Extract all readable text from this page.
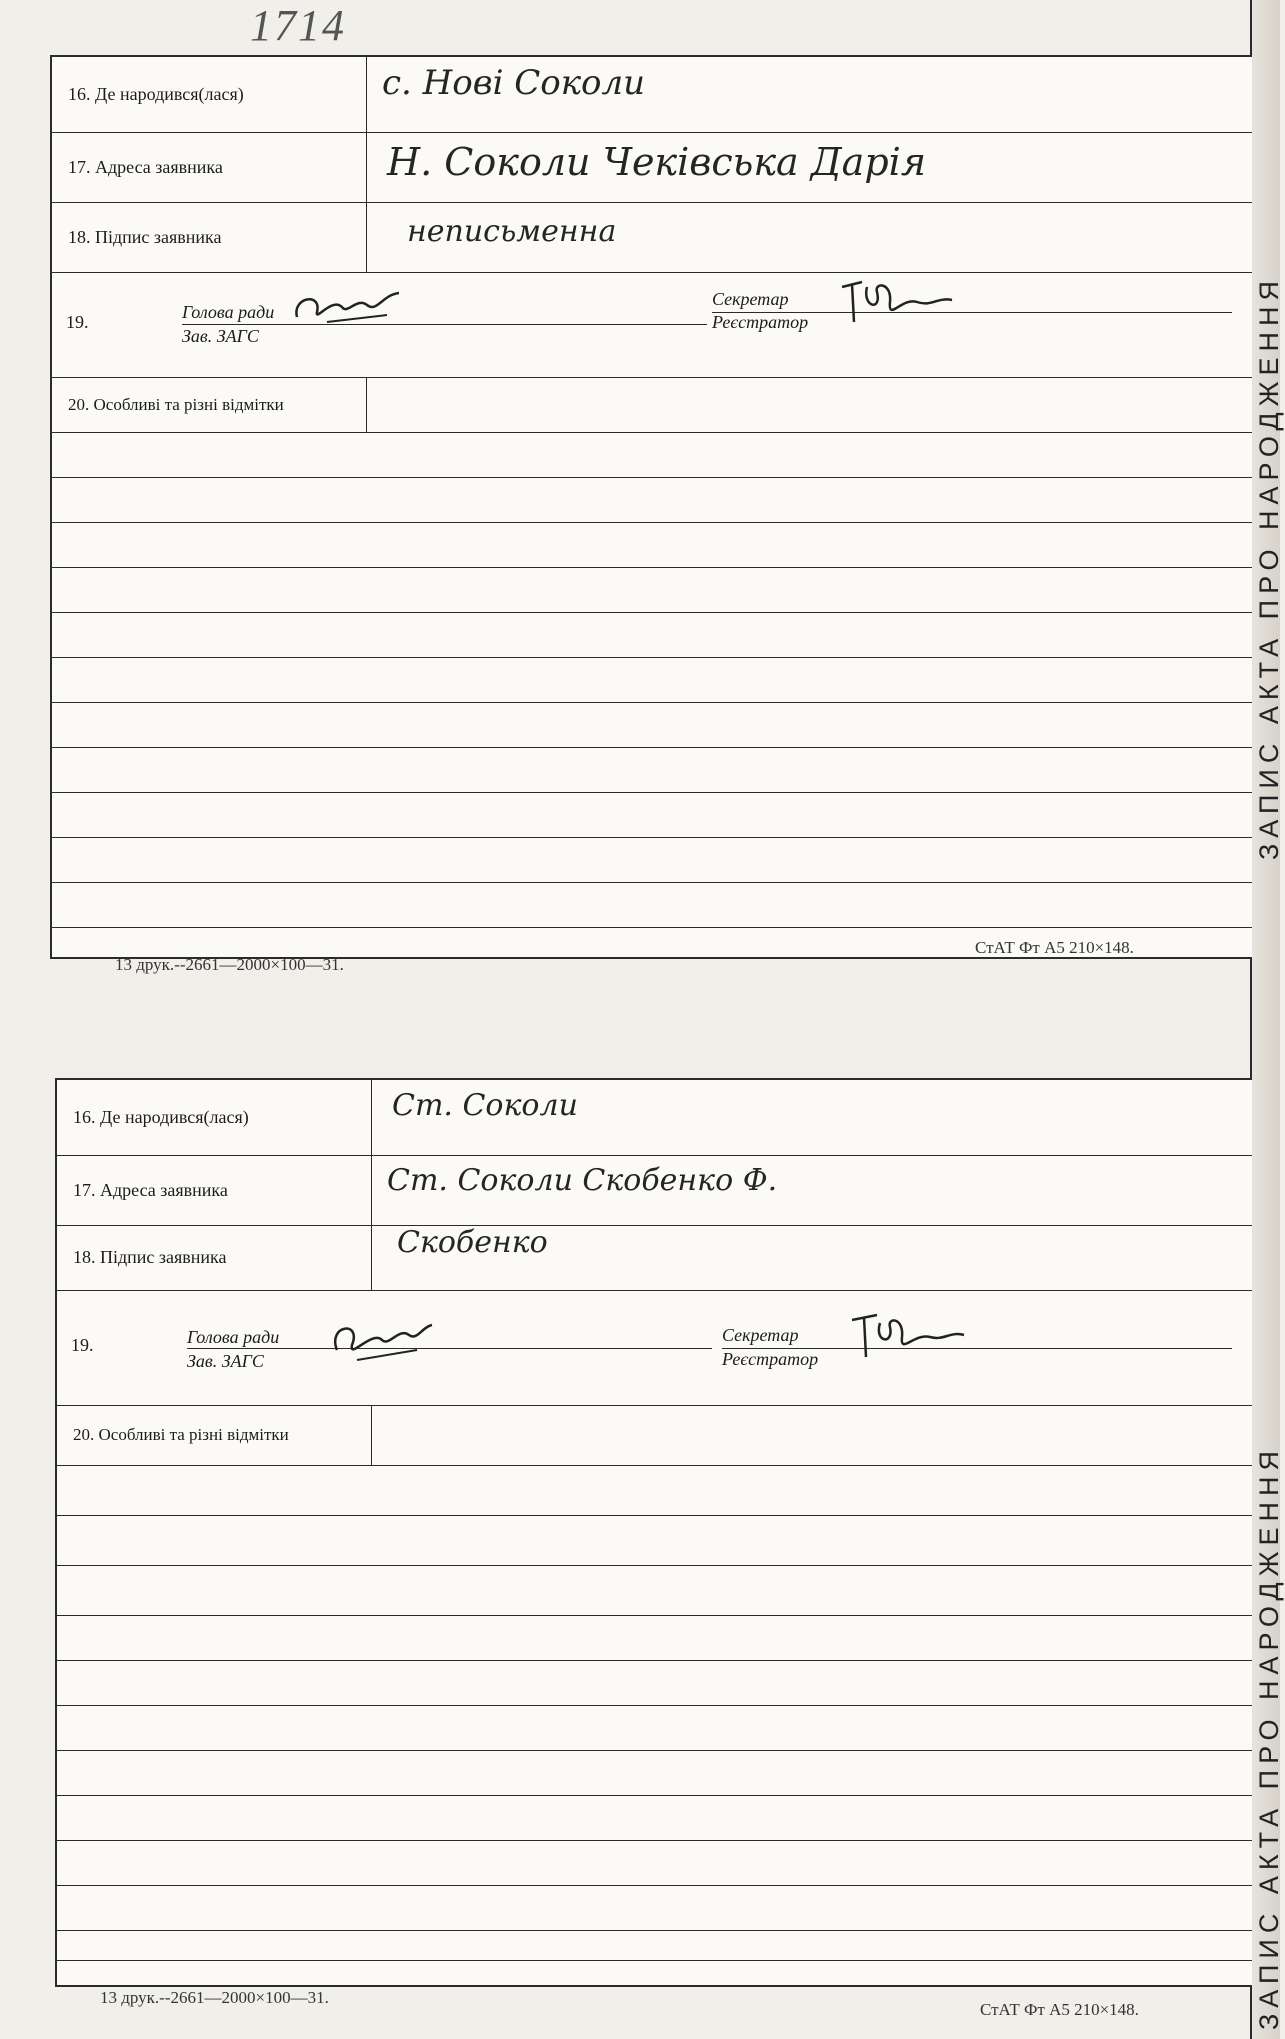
ЗАПИС АКТА ПРО НАРОДЖЕННЯ
ЗАПИС АКТА ПРО НАРОДЖЕННЯ
1714
16. Де народився(лася)	с. Нові Соколи
17. Адреса заявника	Н. Соколи Чеківська Дарія
18. Підпис заявника	неписьменна
19.	Голова ради
Зав. ЗАГС
Секретар
Реєстратор
20. Особливі та різні відмітки
13 друк.--2661—2000×100—31.
СтАТ Фт А5 210×148.
16. Де народився(лася)	Ст. Соколи
17. Адреса заявника	Ст. Соколи Скобенко Ф.
18. Підпис заявника	Скобенко
19.	Голова ради
Зав. ЗАГС
Секретар
Реєстратор
20. Особливі та різні відмітки
13 друк.--2661—2000×100—31.
СтАТ Фт А5 210×148.
